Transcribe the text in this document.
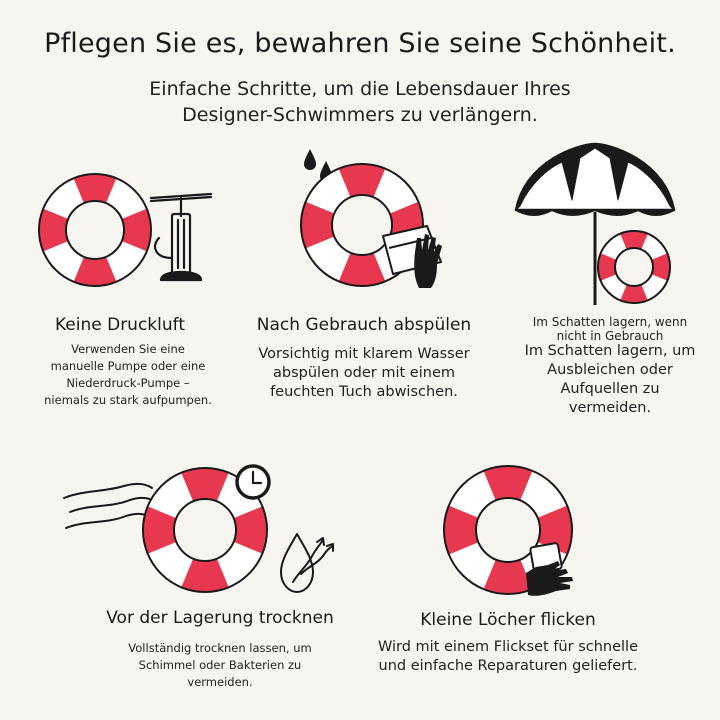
Pflegen Sie es, bewahren Sie seine Schönheit.
Einfache Schritte, um die Lebensdauer Ihres
Designer-Schwimmers zu verlängern.
Keine Druckluft
Verwenden Sie eine
manuelle Pumpe oder eine
Niederdruck-Pumpe –
niemals zu stark aufpumpen.
Nach Gebrauch abspülen
Vorsichtig mit klarem Wasser
abspülen oder mit einem
feuchten Tuch abwischen.
Im Schatten lagern, wenn
nicht in Gebrauch
Im Schatten lagern, um
Ausbleichen oder
Aufquellen zu
vermeiden.
Vor der Lagerung trocknen
Vollständig trocknen lassen, um
Schimmel oder Bakterien zu
vermeiden.
Kleine Löcher flicken
Wird mit einem Flickset für schnelle
und einfache Reparaturen geliefert.
